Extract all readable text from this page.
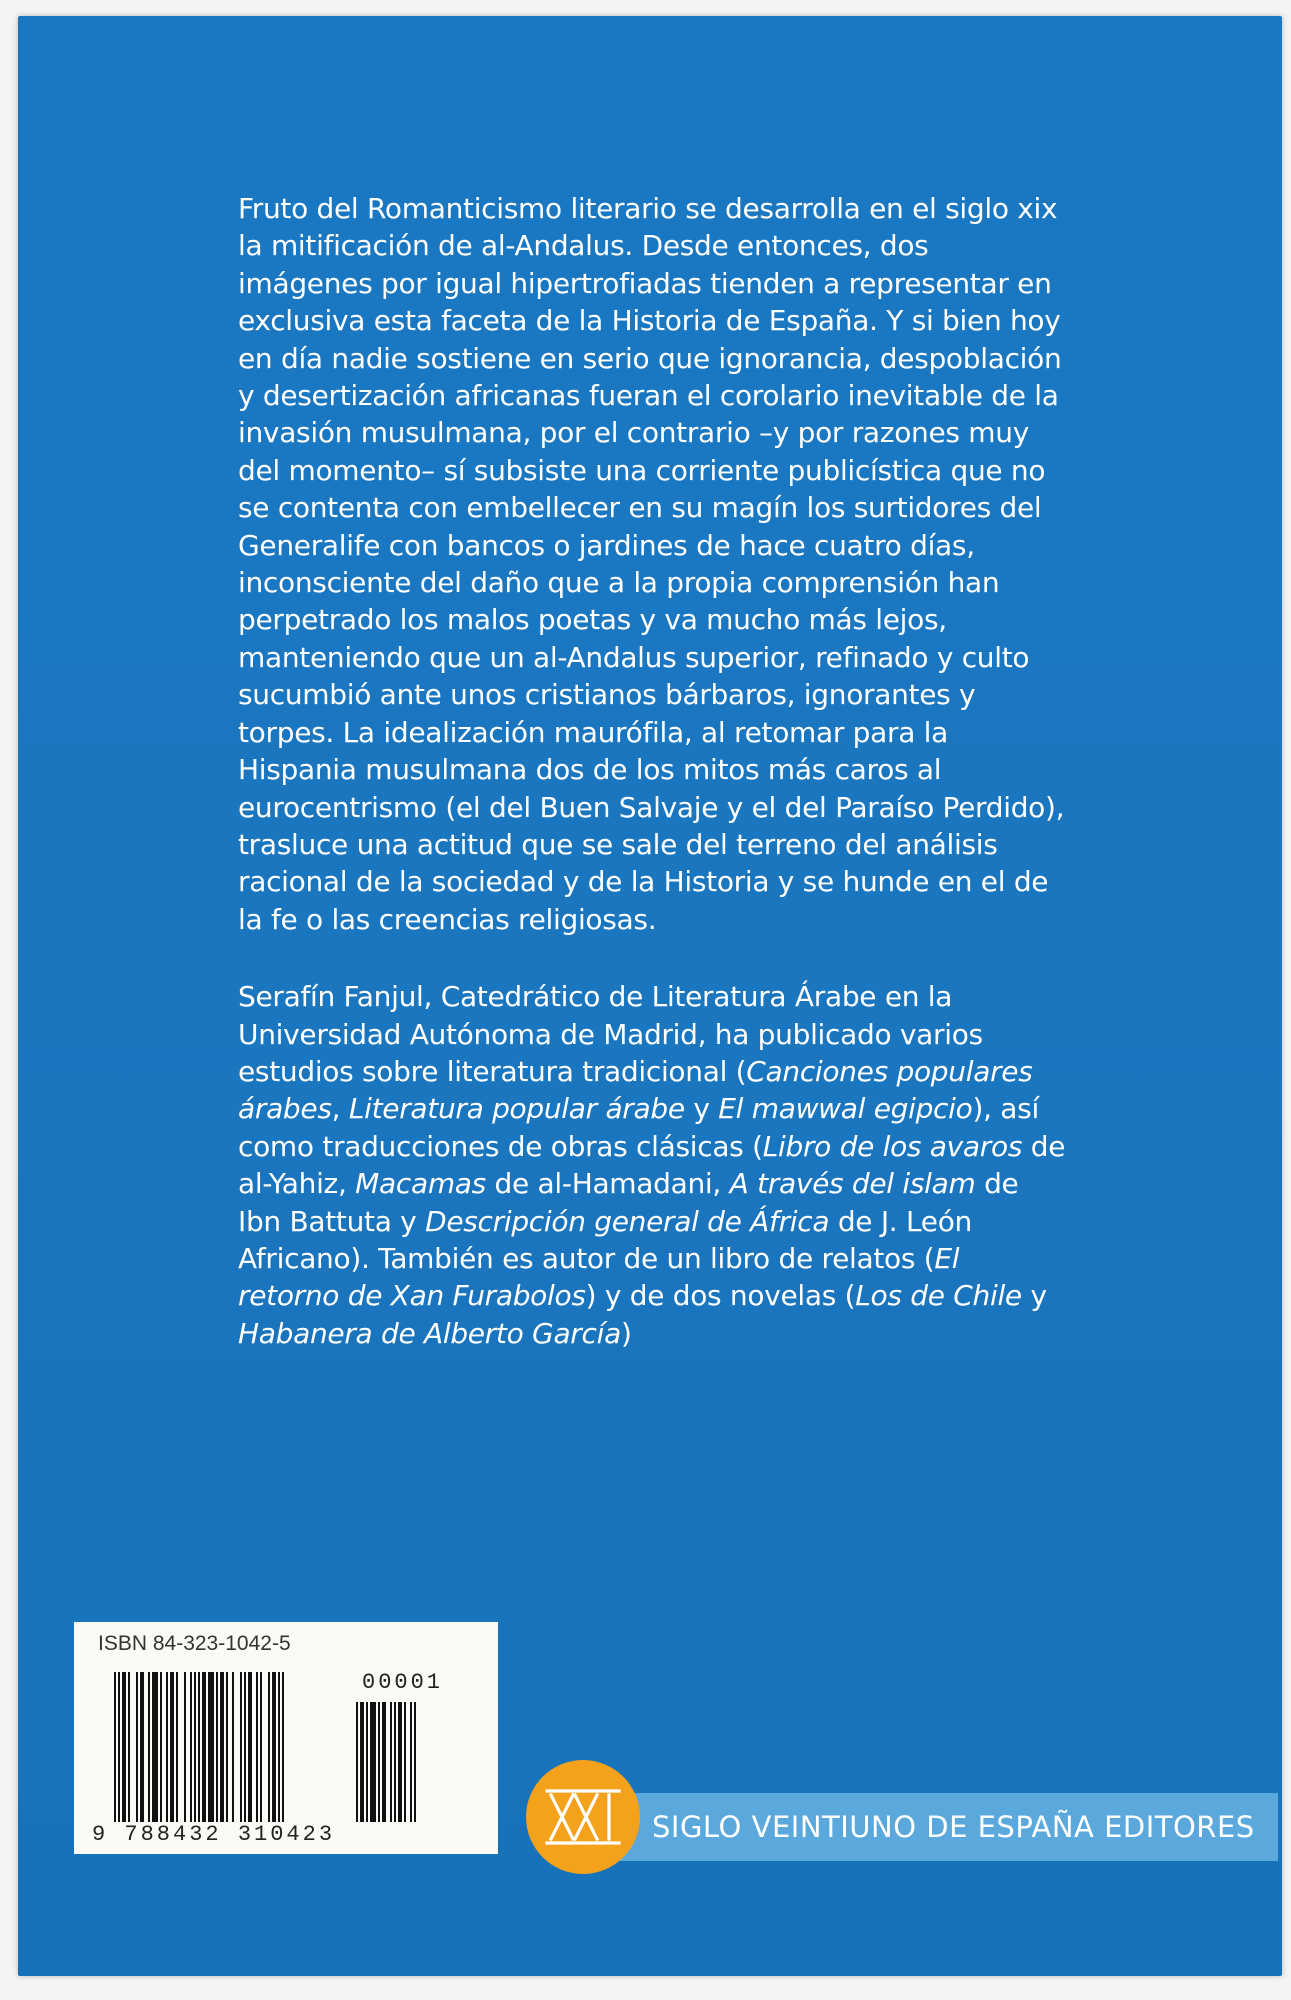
Fruto del Romanticismo literario se desarrolla en el siglo xix la mitificación de al-Andalus. Desde entonces, dos imágenes por igual hipertrofiadas tienden a representar en exclusiva esta faceta de la Historia de España. Y si bien hoy en día nadie sostiene en serio que ignorancia, despoblación y desertización africanas fueran el corolario inevitable de la invasión musulmana, por el contrario –y por razones muy del momento– sí subsiste una corriente publicística que no se contenta con embellecer en su magín los surtidores del Generalife con bancos o jardines de hace cuatro días, inconsciente del daño que a la propia comprensión han perpetrado los malos poetas y va mucho más lejos, manteniendo que un al-Andalus superior, refinado y culto sucumbió ante unos cristianos bárbaros, ignorantes y torpes. La idealización maurófila, al retomar para la Hispania musulmana dos de los mitos más caros al eurocentrismo (el del Buen Salvaje y el del Paraíso Perdido), trasluce una actitud que se sale del terreno del análisis racional de la sociedad y de la Historia y se hunde en el de la fe o las creencias religiosas.

Serafín Fanjul, Catedrático de Literatura Árabe en la Universidad Autónoma de Madrid, ha publicado varios estudios sobre literatura tradicional (Canciones populares árabes, Literatura popular árabe y El mawwal egipcio), así como traducciones de obras clásicas (Libro de los avaros de al-Yahiz, Macamas de al-Hamadani, A través del islam de Ibn Battuta y Descripción general de África de J. León Africano). También es autor de un libro de relatos (El retorno de Xan Furabolos) y de dos novelas (Los de Chile y Habanera de Alberto García)

ISBN 84-323-1042-5
00001
9 788432 310423	SIGLO VEINTIUNO DE ESPAÑA EDITORES
